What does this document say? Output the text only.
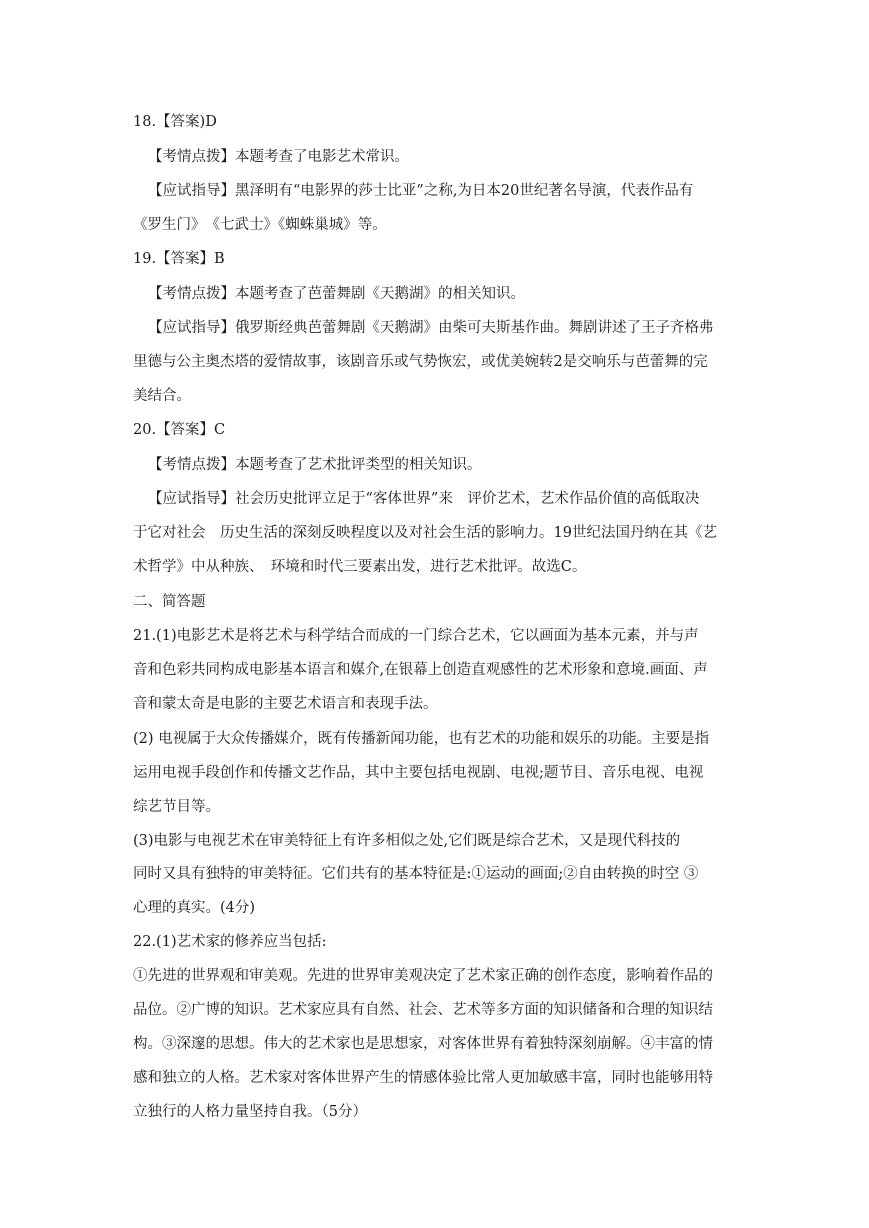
18.【答案)D
【考情点拨】本题考查了电影艺术常识。
【应试指导】黑泽明有“电影界的莎士比亚”之称,为日本20世纪著名导演，代表作品有
《罗生门》　《七武士》《蜘蛛巢城》等。
19.【答案】B
【考情点拨】本题考查了芭蕾舞剧《天鹅湖》的相关知识。
【应试指导】俄罗斯经典芭蕾舞剧《天鹅湖》由柴可夫斯基作曲。舞剧讲述了王子齐格弗
里德与公主奥杰塔的爱情故事，该剧音乐或气势恢宏，或优美婉转2是交响乐与芭蕾舞的完
美结合。
20.【答案】C
【考情点拨】本题考查了艺术批评类型的相关知识。
【应试指导】社会历史批评立足于“客体世界”来　评价艺术，艺术作品价值的高低取决
于它对社会　历史生活的深刻反映程度以及对社会生活的影响力。19世纪法国丹纳在其《艺
术哲学》中从种族、　环境和时代三要素出发，进行艺术批评。故选C。
二、简答题
21.(1)电影艺术是将艺术与科学结合而成的一门综合艺术，它以画面为基本元素，并与声
音和色彩共同构成电影基本语言和媒介,在银幕上创造直观感性的艺术形象和意境.画面、声
音和蒙太奇是电影的主要艺术语言和表现手法。
(2) 电视属于大众传播媒介，既有传播新闻功能，也有艺术的功能和娱乐的功能。主要是指
运用电视手段创作和传播文艺作品，其中主要包括电视剧、电视;题节目、音乐电视、电视
综艺节目等。
(3)电影与电视艺术在审美特征上有许多相似之处,它们既是综合艺术，又是现代科技的
同时又具有独特的审美特征。它们共有的基本特征是:①运动的画面;②自由转换的时空 ③
心理的真实。(4分)
22.(1)艺术家的修养应当包括:
①先进的世界观和审美观。先进的世界审美观决定了艺术家正确的创作态度，影响着作品的
品位。②广博的知识。艺术家应具有自然、社会、艺术等多方面的知识储备和合理的知识结
构。③深邃的思想。伟大的艺术家也是思想家，对客体世界有着独特深刻崩解。④丰富的情
感和独立的人格。艺术家对客体世界产生的情感体验比常人更加敏感丰富，同时也能够用特
立独行的人格力量坚持自我。（5分）
